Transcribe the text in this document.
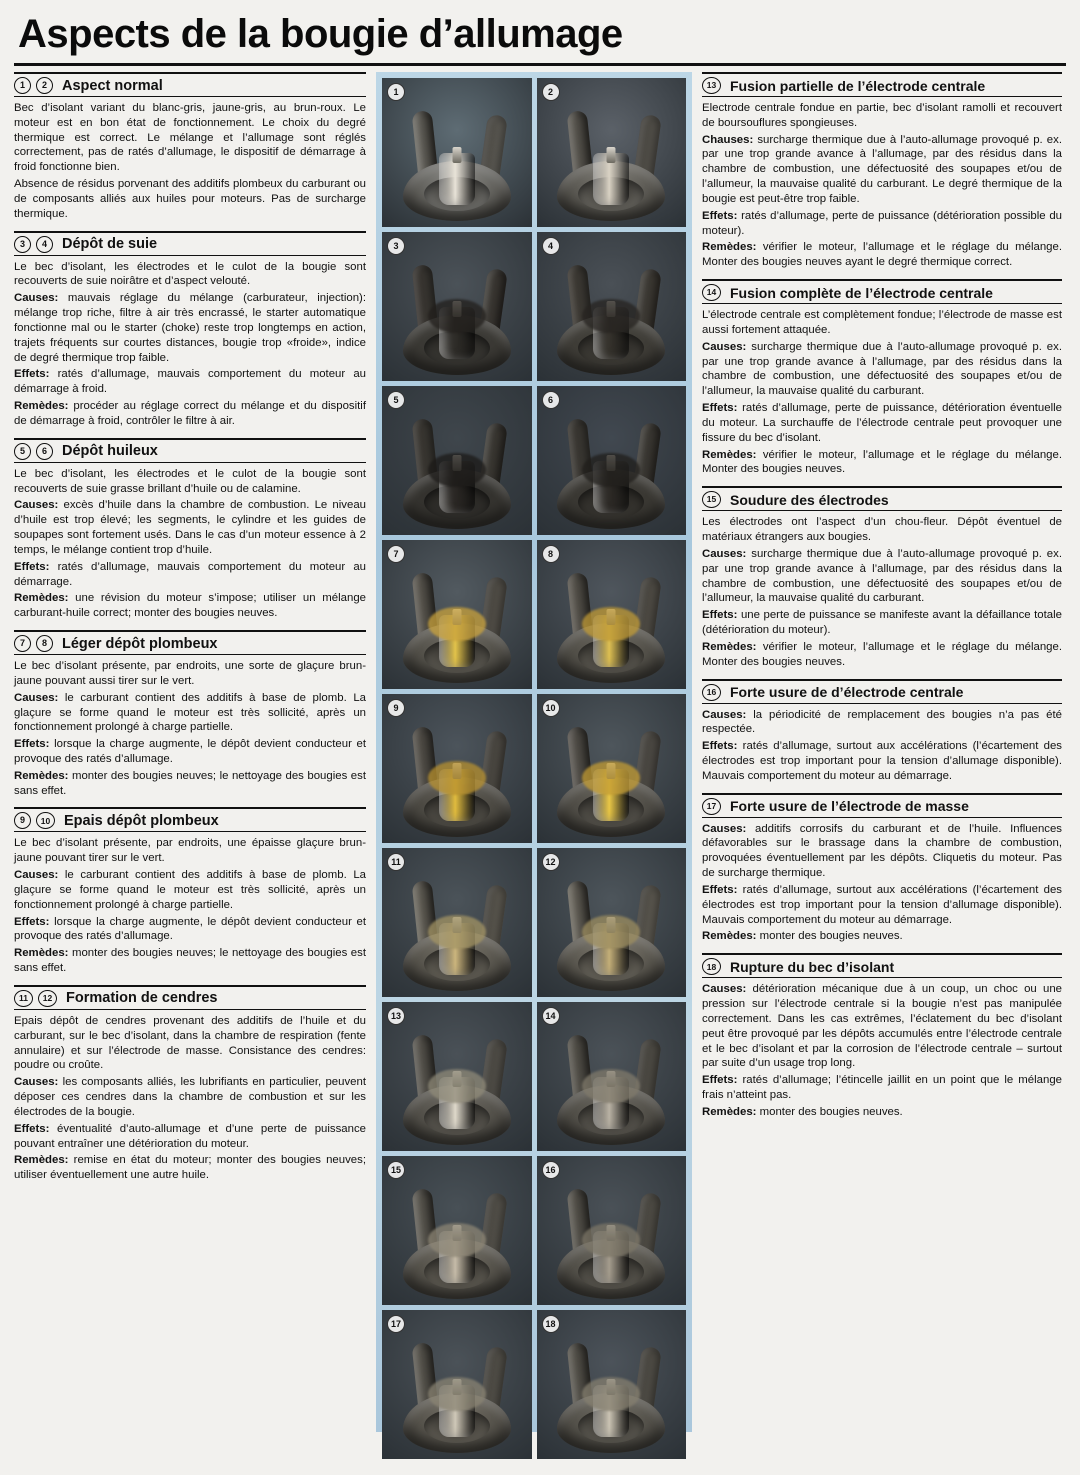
Aspects de la bougie d’allumage
1	2	Aspect normal

Bec d’isolant variant du blanc-gris, jaune-gris, au brun-roux. Le moteur est en bon état de fonctionnement. Le choix du degré thermique est correct. Le mélange et l’allumage sont réglés correctement, pas de ratés d’allumage, le dispositif de démarrage à froid fonctionne bien.

Absence de résidus porvenant des additifs plombeux du carburant ou de composants alliés aux huiles pour moteurs. Pas de surcharge thermique.

3	4	Dépôt de suie

Le bec d’isolant, les électrodes et le culot de la bougie sont recouverts de suie noirâtre et d’aspect velouté.

Causes: mauvais réglage du mélange (carburateur, injection): mélange trop riche, filtre à air très encrassé, le starter automatique fonctionne mal ou le starter (choke) reste trop longtemps en action, trajets fréquents sur courtes distances, bougie trop «froide», indice de degré thermique trop faible.

Effets: ratés d’allumage, mauvais comportement du moteur au démarrage à froid.

Remèdes: procéder au réglage correct du mélange et du dispositif de démarrage à froid, contrôler le filtre à air.

5	6	Dépôt huileux

Le bec d’isolant, les électrodes et le culot de la bougie sont recouverts de suie grasse brillant d’huile ou de calamine.

Causes: excès d’huile dans la chambre de combustion. Le niveau d’huile est trop élevé; les segments, le cylindre et les guides de soupapes sont fortement usés. Dans le cas d’un moteur essence à 2 temps, le mélange contient trop d’huile.

Effets: ratés d’allumage, mauvais comportement du moteur au démarrage.

Remèdes: une révision du moteur s’impose; utiliser un mélange carburant-huile correct; monter des bougies neuves.

7	8	Léger dépôt plombeux

Le bec d’isolant présente, par endroits, une sorte de glaçure brun-jaune pouvant aussi tirer sur le vert.

Causes: le carburant contient des additifs à base de plomb. La glaçure se forme quand le moteur est très sollicité, après un fonctionnement prolongé à charge partielle.

Effets: lorsque la charge augmente, le dépôt devient conducteur et provoque des ratés d’allumage.

Remèdes: monter des bougies neuves; le nettoyage des bougies est sans effet.

9	10 Epais dépôt plombeux

Le bec d’isolant présente, par endroits, une épaisse glaçure brun-jaune pouvant tirer sur le vert.

Causes: le carburant contient des additifs à base de plomb. La glaçure se forme quand le moteur est très sollicité, après un fonctionnement prolongé à charge partielle.

Effets: lorsque la charge augmente, le dépôt devient conducteur et provoque des ratés d’allumage.

Remèdes: monter des bougies neuves; le nettoyage des bougies est sans effet.

11	12 Formation de cendres

Epais dépôt de cendres provenant des additifs de l’huile et du carburant, sur le bec d’isolant, dans la chambre de respiration (fente annulaire) et sur l’électrode de masse. Consistance des cendres: poudre ou croûte.

Causes: les composants alliés, les lubrifiants en particulier, peuvent déposer ces cendres dans la chambre de combustion et sur les électrodes de la bougie.

Effets: éventualité d’auto-allumage et d’une perte de puissance pouvant entraîner une détérioration du moteur.

Remèdes: remise en état du moteur; monter des bougies neuves; utiliser éventuellement une autre huile.

1	2
3	4
5	6
7	8
9	10
11	12
13	14
15	16
17	18
13 Fusion partielle de l’électrode centrale

Electrode centrale fondue en partie, bec d’isolant ramolli et recouvert de boursouflures spongieuses.

Chauses: surcharge thermique due à l’auto-allumage provoqué p. ex. par une trop grande avance à l’allumage, par des résidus dans la chambre de combustion, une défectuosité des soupapes et/ou de l’allumeur, la mauvaise qualité du carburant. Le degré thermique de la bougie est peut-être trop faible.

Effets: ratés d’allumage, perte de puissance (détérioration possible du moteur).

Remèdes: vérifier le moteur, l’allumage et le réglage du mélange. Monter des bougies neuves ayant le degré thermique correct.

14 Fusion complète de l’électrode centrale

L’électrode centrale est complètement fondue; l’électrode de masse est aussi fortement attaquée.

Causes: surcharge thermique due à l’auto-allumage provoqué p. ex. par une trop grande avance à l’allumage, par des résidus dans la chambre de combustion, une défectuosité des soupapes et/ou de l’allumeur, la mauvaise qualité du carburant.

Effets: ratés d’allumage, perte de puissance, détérioration éventuelle du moteur. La surchauffe de l’électrode centrale peut provoquer une fissure du bec d’isolant.

Remèdes: vérifier le moteur, l’allumage et le réglage du mélange. Monter des bougies neuves.

15 Soudure des électrodes

Les électrodes ont l’aspect d’un chou-fleur. Dépôt éventuel de matériaux étrangers aux bougies.

Causes: surcharge thermique due à l’auto-allumage provoqué p. ex. par une trop grande avance à l’allumage, par des résidus dans la chambre de combustion, une défectuosité des soupapes et/ou de l’allumeur, la mauvaise qualité du carburant.

Effets: une perte de puissance se manifeste avant la défaillance totale (détérioration du moteur).

Remèdes: vérifier le moteur, l’allumage et le réglage du mélange. Monter des bougies neuves.

16 Forte usure de d’électrode centrale

Causes: la périodicité de remplacement des bougies n’a pas été respectée.

Effets: ratés d’allumage, surtout aux accélérations (l’écartement des électrodes est trop important pour la tension d’allumage disponible). Mauvais comportement du moteur au démarrage.

17 Forte usure de l’électrode de masse

Causes: additifs corrosifs du carburant et de l’huile. Influences défavorables sur le brassage dans la chambre de combustion, provoquées éventuellement par les dépôts. Cliquetis du moteur. Pas de surcharge thermique.

Effets: ratés d’allumage, surtout aux accélérations (l’écartement des électrodes est trop important pour la tension d’allumage disponible). Mauvais comportement du moteur au démarrage.

Remèdes: monter des bougies neuves.

18 Rupture du bec d’isolant

Causes: détérioration mécanique due à un coup, un choc ou une pression sur l’électrode centrale si la bougie n’est pas manipulée correctement. Dans les cas extrêmes, l’éclatement du bec d’isolant peut être provoqué par les dépôts accumulés entre l’électrode centrale et le bec d’isolant et par la corrosion de l’électrode centrale – surtout par suite d’un usage trop long.

Effets: ratés d’allumage; l’étincelle jaillit en un point que le mélange frais n’atteint pas.

Remèdes: monter des bougies neuves.
